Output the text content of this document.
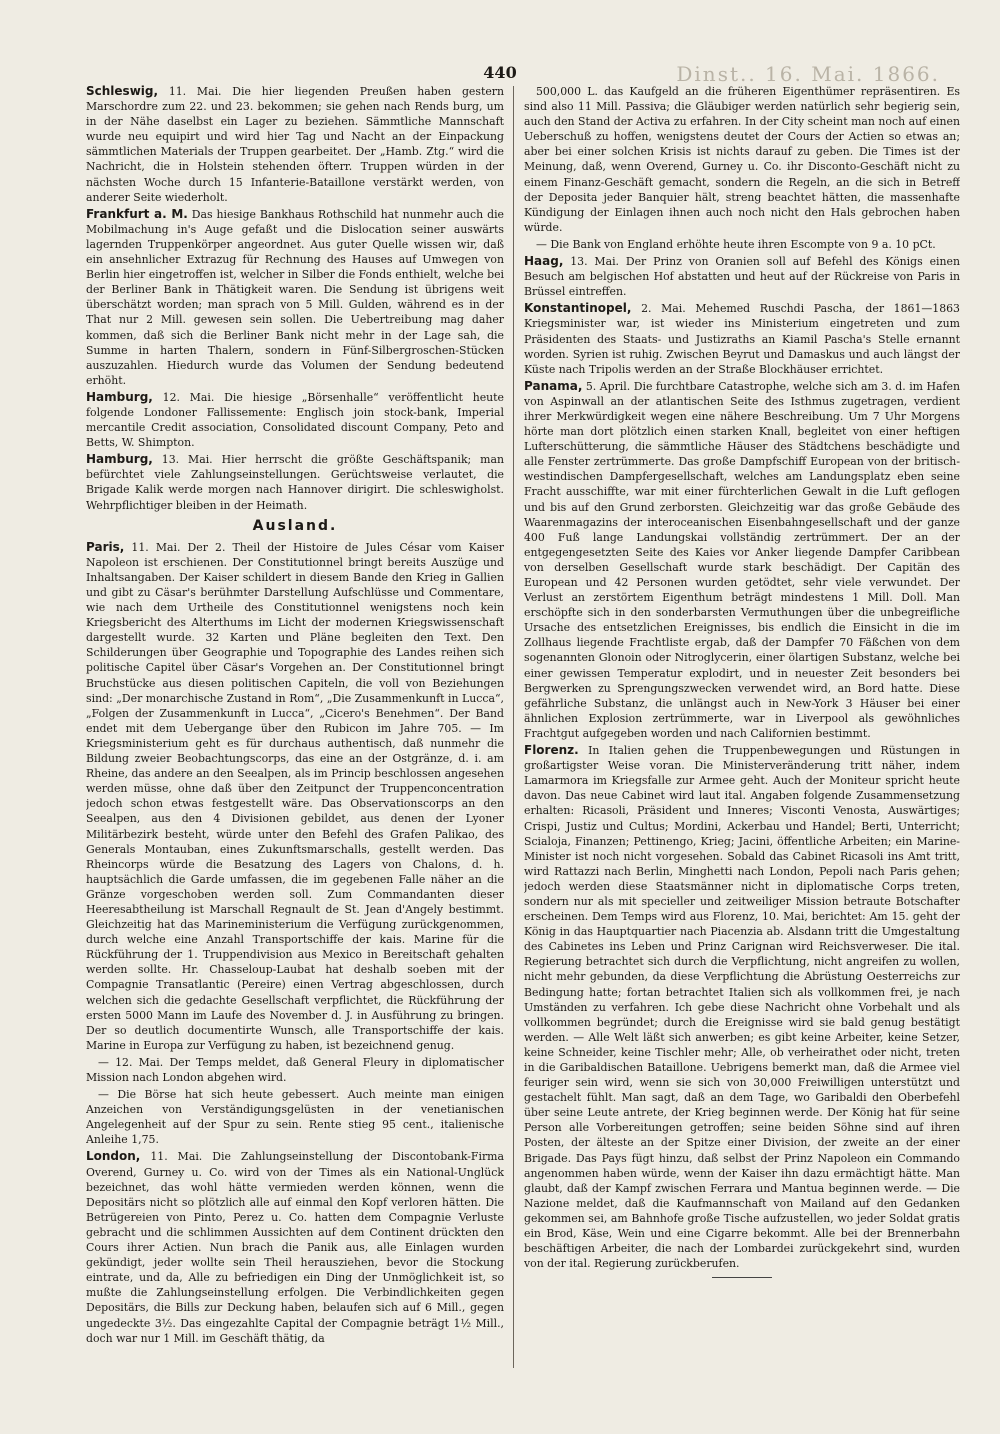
Dinst.. 16. Mai. 1866.
440

Schleswig, 11. Mai. Die hier liegenden Preußen haben gestern Marschordre zum 22. und 23. bekommen; sie gehen nach Rends burg, um in der Nähe daselbst ein Lager zu beziehen. Sämmtliche Mannschaft wurde neu equipirt und wird hier Tag und Nacht an der Einpackung sämmtlichen Materials der Truppen gearbeitet. Der „Hamb. Ztg.“ wird die Nachricht, die in Holstein stehenden öfterr. Truppen würden in der nächsten Woche durch 15 Infanterie-Bataillone verstärkt werden, von anderer Seite wiederholt.

Frankfurt a. M. Das hiesige Bankhaus Rothschild hat nunmehr auch die Mobilmachung in's Auge gefaßt und die Dislocation seiner auswärts lagernden Truppenkörper angeordnet. Aus guter Quelle wissen wir, daß ein ansehnlicher Extrazug für Rechnung des Hauses auf Umwegen von Berlin hier eingetroffen ist, welcher in Silber die Fonds enthielt, welche bei der Berliner Bank in Thätigkeit waren. Die Sendung ist übrigens weit überschätzt worden; man sprach von 5 Mill. Gulden, während es in der That nur 2 Mill. gewesen sein sollen. Die Uebertreibung mag daher kommen, daß sich die Berliner Bank nicht mehr in der Lage sah, die Summe in harten Thalern, sondern in Fünf-Silbergroschen-Stücken auszuzahlen. Hiedurch wurde das Volumen der Sendung bedeutend erhöht.

Hamburg, 12. Mai. Die hiesige „Börsenhalle“ veröffentlicht heute folgende Londoner Fallissemente: Englisch join stock-bank, Imperial mercantile Credit association, Consolidated discount Company, Peto and Betts, W. Shimpton.

Hamburg, 13. Mai. Hier herrscht die größte Geschäftspanik; man befürchtet viele Zahlungseinstellungen. Gerüchtsweise verlautet, die Brigade Kalik werde morgen nach Hannover dirigirt. Die schleswigholst. Wehrpflichtiger bleiben in der Heimath.

Ausland.

Paris, 11. Mai. Der 2. Theil der Histoire de Jules César vom Kaiser Napoleon ist erschienen. Der Constitutionnel bringt bereits Auszüge und Inhaltsangaben. Der Kaiser schildert in diesem Bande den Krieg in Gallien und gibt zu Cäsar's berühmter Darstellung Aufschlüsse und Commentare, wie nach dem Urtheile des Constitutionnel wenigstens noch kein Kriegsbericht des Alterthums im Licht der modernen Kriegswissenschaft dargestellt wurde. 32 Karten und Pläne begleiten den Text. Den Schilderungen über Geographie und Topographie des Landes reihen sich politische Capitel über Cäsar's Vorgehen an. Der Constitutionnel bringt Bruchstücke aus diesen politischen Capiteln, die voll von Beziehungen sind: „Der monarchische Zustand in Rom“, „Die Zusammenkunft in Lucca“, „Folgen der Zusammenkunft in Lucca“, „Cicero's Benehmen“. Der Band endet mit dem Uebergange über den Rubicon im Jahre 705. — Im Kriegsministerium geht es für durchaus authentisch, daß nunmehr die Bildung zweier Beobachtungscorps, das eine an der Ostgränze, d. i. am Rheine, das andere an den Seealpen, als im Princip beschlossen angesehen werden müsse, ohne daß über den Zeitpunct der Truppenconcentration jedoch schon etwas festgestellt wäre. Das Observationscorps an den Seealpen, aus den 4 Divisionen gebildet, aus denen der Lyoner Militärbezirk besteht, würde unter den Befehl des Grafen Palikao, des Generals Montauban, eines Zukunftsmarschalls, gestellt werden. Das Rheincorps würde die Besatzung des Lagers von Chalons, d. h. hauptsächlich die Garde umfassen, die im gegebenen Falle näher an die Gränze vorgeschoben werden soll. Zum Commandanten dieser Heeresabtheilung ist Marschall Regnault de St. Jean d'Angely bestimmt. Gleichzeitig hat das Marineministerium die Verfügung zurückgenommen, durch welche eine Anzahl Transportschiffe der kais. Marine für die Rückführung der 1. Truppendivision aus Mexico in Bereitschaft gehalten werden sollte. Hr. Chasseloup-Laubat hat deshalb soeben mit der Compagnie Transatlantic (Pereire) einen Vertrag abgeschlossen, durch welchen sich die gedachte Gesellschaft verpflichtet, die Rückführung der ersten 5000 Mann im Laufe des November d. J. in Ausführung zu bringen. Der so deutlich documentirte Wunsch, alle Transportschiffe der kais. Marine in Europa zur Verfügung zu haben, ist bezeichnend genug.

— 12. Mai. Der Temps meldet, daß General Fleury in diplomatischer Mission nach London abgehen wird.

— Die Börse hat sich heute gebessert. Auch meinte man einigen Anzeichen von Verständigungsgelüsten in der venetianischen Angelegenheit auf der Spur zu sein. Rente stieg 95 cent., italienische Anleihe 1,75.

London, 11. Mai. Die Zahlungseinstellung der Discontobank-Firma Overend, Gurney u. Co. wird von der Times als ein National-Unglück bezeichnet, das wohl hätte vermieden werden können, wenn die Depositärs nicht so plötzlich alle auf einmal den Kopf verloren hätten. Die Betrügereien von Pinto, Perez u. Co. hatten dem Compagnie Verluste gebracht und die schlimmen Aussichten auf dem Continent drückten den Cours ihrer Actien. Nun brach die Panik aus, alle Einlagen wurden gekündigt, jeder wollte sein Theil herausziehen, bevor die Stockung eintrate, und da, Alle zu befriedigen ein Ding der Unmöglichkeit ist, so mußte die Zahlungseinstellung erfolgen. Die Verbindlichkeiten gegen Depositärs, die Bills zur Deckung haben, belaufen sich auf 6 Mill., gegen ungedeckte 3½. Das eingezahlte Capital der Compagnie beträgt 1½ Mill., doch war nur 1 Mill. im Geschäft thätig, da

500,000 L. das Kaufgeld an die früheren Eigenthümer repräsentiren. Es sind also 11 Mill. Passiva; die Gläubiger werden natürlich sehr begierig sein, auch den Stand der Activa zu erfahren. In der City scheint man noch auf einen Ueberschuß zu hoffen, wenigstens deutet der Cours der Actien so etwas an; aber bei einer solchen Krisis ist nichts darauf zu geben. Die Times ist der Meinung, daß, wenn Overend, Gurney u. Co. ihr Disconto-Geschäft nicht zu einem Finanz-Geschäft gemacht, sondern die Regeln, an die sich in Betreff der Deposita jeder Banquier hält, streng beachtet hätten, die massenhafte Kündigung der Einlagen ihnen auch noch nicht den Hals gebrochen haben würde.

— Die Bank von England erhöhte heute ihren Escompte von 9 a. 10 pCt.

Haag, 13. Mai. Der Prinz von Oranien soll auf Befehl des Königs einen Besuch am belgischen Hof abstatten und heut auf der Rückreise von Paris in Brüssel eintreffen.

Konstantinopel, 2. Mai. Mehemed Ruschdi Pascha, der 1861—1863 Kriegsminister war, ist wieder ins Ministerium eingetreten und zum Präsidenten des Staats- und Justizraths an Kiamil Pascha's Stelle ernannt worden. Syrien ist ruhig. Zwischen Beyrut und Damaskus und auch längst der Küste nach Tripolis werden an der Straße Blockhäuser errichtet.

Panama, 5. April. Die furchtbare Catastrophe, welche sich am 3. d. im Hafen von Aspinwall an der atlantischen Seite des Isthmus zugetragen, verdient ihrer Merkwürdigkeit wegen eine nähere Beschreibung. Um 7 Uhr Morgens hörte man dort plötzlich einen starken Knall, begleitet von einer heftigen Lufterschütterung, die sämmtliche Häuser des Städtchens beschädigte und alle Fenster zertrümmerte. Das große Dampfschiff European von der britisch-westindischen Dampfergesellschaft, welches am Landungsplatz eben seine Fracht ausschiffte, war mit einer fürchterlichen Gewalt in die Luft geflogen und bis auf den Grund zerborsten. Gleichzeitig war das große Gebäude des Waarenmagazins der interoceanischen Eisenbahngesellschaft und der ganze 400 Fuß lange Landungskai vollständig zertrümmert. Der an der entgegengesetzten Seite des Kaies vor Anker liegende Dampfer Caribbean von derselben Gesellschaft wurde stark beschädigt. Der Capitän des European und 42 Personen wurden getödtet, sehr viele verwundet. Der Verlust an zerstörtem Eigenthum beträgt mindestens 1 Mill. Doll. Man erschöpfte sich in den sonderbarsten Vermuthungen über die unbegreifliche Ursache des entsetzlichen Ereignisses, bis endlich die Einsicht in die im Zollhaus liegende Frachtliste ergab, daß der Dampfer 70 Fäßchen von dem sogenannten Glonoin oder Nitroglycerin, einer ölartigen Substanz, welche bei einer gewissen Temperatur explodirt, und in neuester Zeit besonders bei Bergwerken zu Sprengungszwecken verwendet wird, an Bord hatte. Diese gefährliche Substanz, die unlängst auch in New-York 3 Häuser bei einer ähnlichen Explosion zertrümmerte, war in Liverpool als gewöhnliches Frachtgut aufgegeben worden und nach Californien bestimmt.

Florenz. In Italien gehen die Truppenbewegungen und Rüstungen in großartigster Weise voran. Die Ministerveränderung tritt näher, indem Lamarmora im Kriegsfalle zur Armee geht. Auch der Moniteur spricht heute davon. Das neue Cabinet wird laut ital. Angaben folgende Zusammensetzung erhalten: Ricasoli, Präsident und Inneres; Visconti Venosta, Auswärtiges; Crispi, Justiz und Cultus; Mordini, Ackerbau und Handel; Berti, Unterricht; Scialoja, Finanzen; Pettinengo, Krieg; Jacini, öffentliche Arbeiten; ein Marine-Minister ist noch nicht vorgesehen. Sobald das Cabinet Ricasoli ins Amt tritt, wird Rattazzi nach Berlin, Minghetti nach London, Pepoli nach Paris gehen; jedoch werden diese Staatsmänner nicht in diplomatische Corps treten, sondern nur als mit specieller und zeitweiliger Mission betraute Botschafter erscheinen. Dem Temps wird aus Florenz, 10. Mai, berichtet: Am 15. geht der König in das Hauptquartier nach Piacenzia ab. Alsdann tritt die Umgestaltung des Cabinetes ins Leben und Prinz Carignan wird Reichsverweser. Die ital. Regierung betrachtet sich durch die Verpflichtung, nicht angreifen zu wollen, nicht mehr gebunden, da diese Verpflichtung die Abrüstung Oesterreichs zur Bedingung hatte; fortan betrachtet Italien sich als vollkommen frei, je nach Umständen zu verfahren. Ich gebe diese Nachricht ohne Vorbehalt und als vollkommen begründet; durch die Ereignisse wird sie bald genug bestätigt werden. — Alle Welt läßt sich anwerben; es gibt keine Arbeiter, keine Setzer, keine Schneider, keine Tischler mehr; Alle, ob verheirathet oder nicht, treten in die Garibaldischen Bataillone. Uebrigens bemerkt man, daß die Armee viel feuriger sein wird, wenn sie sich von 30,000 Freiwilligen unterstützt und gestachelt fühlt. Man sagt, daß an dem Tage, wo Garibaldi den Oberbefehl über seine Leute antrete, der Krieg beginnen werde. Der König hat für seine Person alle Vorbereitungen getroffen; seine beiden Söhne sind auf ihren Posten, der älteste an der Spitze einer Division, der zweite an der einer Brigade. Das Pays fügt hinzu, daß selbst der Prinz Napoleon ein Commando angenommen haben würde, wenn der Kaiser ihn dazu ermächtigt hätte. Man glaubt, daß der Kampf zwischen Ferrara und Mantua beginnen werde. — Die Nazione meldet, daß die Kaufmannschaft von Mailand auf den Gedanken gekommen sei, am Bahnhofe große Tische aufzustellen, wo jeder Soldat gratis ein Brod, Käse, Wein und eine Cigarre bekommt. Alle bei der Brennerbahn beschäftigen Arbeiter, die nach der Lombardei zurückgekehrt sind, wurden von der ital. Regierung zurückberufen.
